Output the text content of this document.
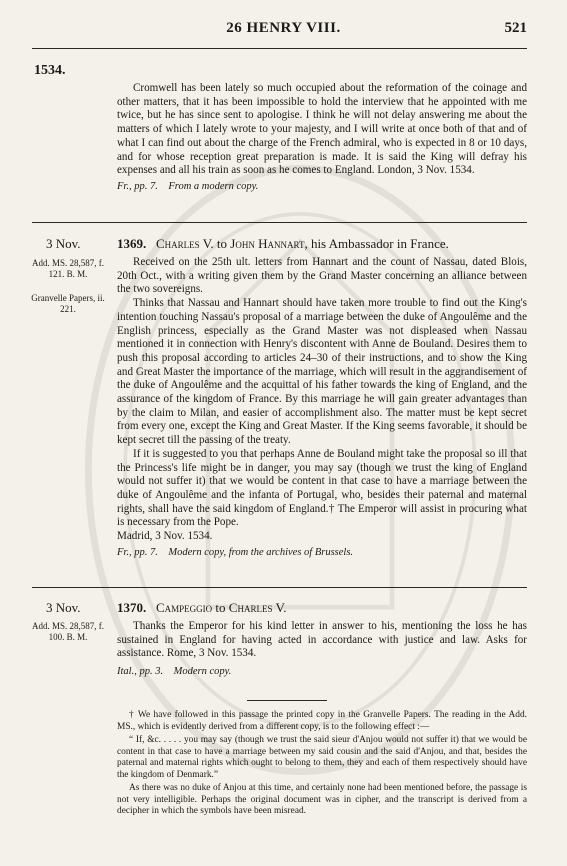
26 HENRY VIII.	521
1534.

Cromwell has been lately so much occupied about the reformation of the coinage and other matters, that it has been impossible to hold the interview that he appointed with me twice, but he has since sent to apologise. I think he will not delay answering me about the matters of which I lately wrote to your majesty, and I will write at once both of that and of what I can find out about the charge of the French admiral, who is expected in 8 or 10 days, and for whose reception great preparation is made. It is said the King will defray his expenses and all his train as soon as he comes to England. London, 3 Nov. 1534.

Fr., pp. 7. From a modern copy.
3 Nov.	1369. Charles V. to John Hannart, his Ambassador in France.
Add. MS. 28,587, f. 121. B. M.
Granvelle Papers, ii. 221.

Received on the 25th ult. letters from Hannart and the count of Nassau, dated Blois, 20th Oct., with a writing given them by the Grand Master concerning an alliance between the two sovereigns.

Thinks that Nassau and Hannart should have taken more trouble to find out the King's intention touching Nassau's proposal of a marriage between the duke of Angoulême and the English princess, especially as the Grand Master was not displeased when Nassau mentioned it in connection with Henry's discontent with Anne de Bouland. Desires them to push this proposal according to articles 24–30 of their instructions, and to show the King and Great Master the importance of the marriage, which will result in the aggrandisement of the duke of Angoulême and the acquittal of his father towards the king of England, and the assurance of the kingdom of France. By this marriage he will gain greater advantages than by the claim to Milan, and easier of accomplishment also. The matter must be kept secret from every one, except the King and Great Master. If the King seems favorable, it should be kept secret till the passing of the treaty.

If it is suggested to you that perhaps Anne de Bouland might take the proposal so ill that the Princess's life might be in danger, you may say (though we trust the king of England would not suffer it) that we would be content in that case to have a marriage between the duke of Angoulême and the infanta of Portugal, who, besides their paternal and maternal rights, shall have the said kingdom of England.† The Emperor will assist in procuring what is necessary from the Pope.

Madrid, 3 Nov. 1534.

Fr., pp. 7. Modern copy, from the archives of Brussels.
3 Nov.	1370. Campeggio to Charles V.
Add. MS. 28,587, f. 100. B. M.

Thanks the Emperor for his kind letter in answer to his, mentioning the loss he has sustained in England for having acted in accordance with justice and law. Asks for assistance. Rome, 3 Nov. 1534.

Ital., pp. 3. Modern copy.

† We have followed in this passage the printed copy in the Granvelle Papers. The reading in the Add. MS., which is evidently derived from a different copy, is to the following effect :—

“ If, &c. . . . . you may say (though we trust the said sieur d'Anjou would not suffer it) that we would be content in that case to have a marriage between my said cousin and the said d'Anjou, and that, besides the paternal and maternal rights which ought to belong to them, they and each of them respectively should have the kingdom of Denmark.”

As there was no duke of Anjou at this time, and certainly none had been mentioned before, the passage is not very intelligible. Perhaps the original document was in cipher, and the transcript is derived from a decipher in which the symbols have been misread.
